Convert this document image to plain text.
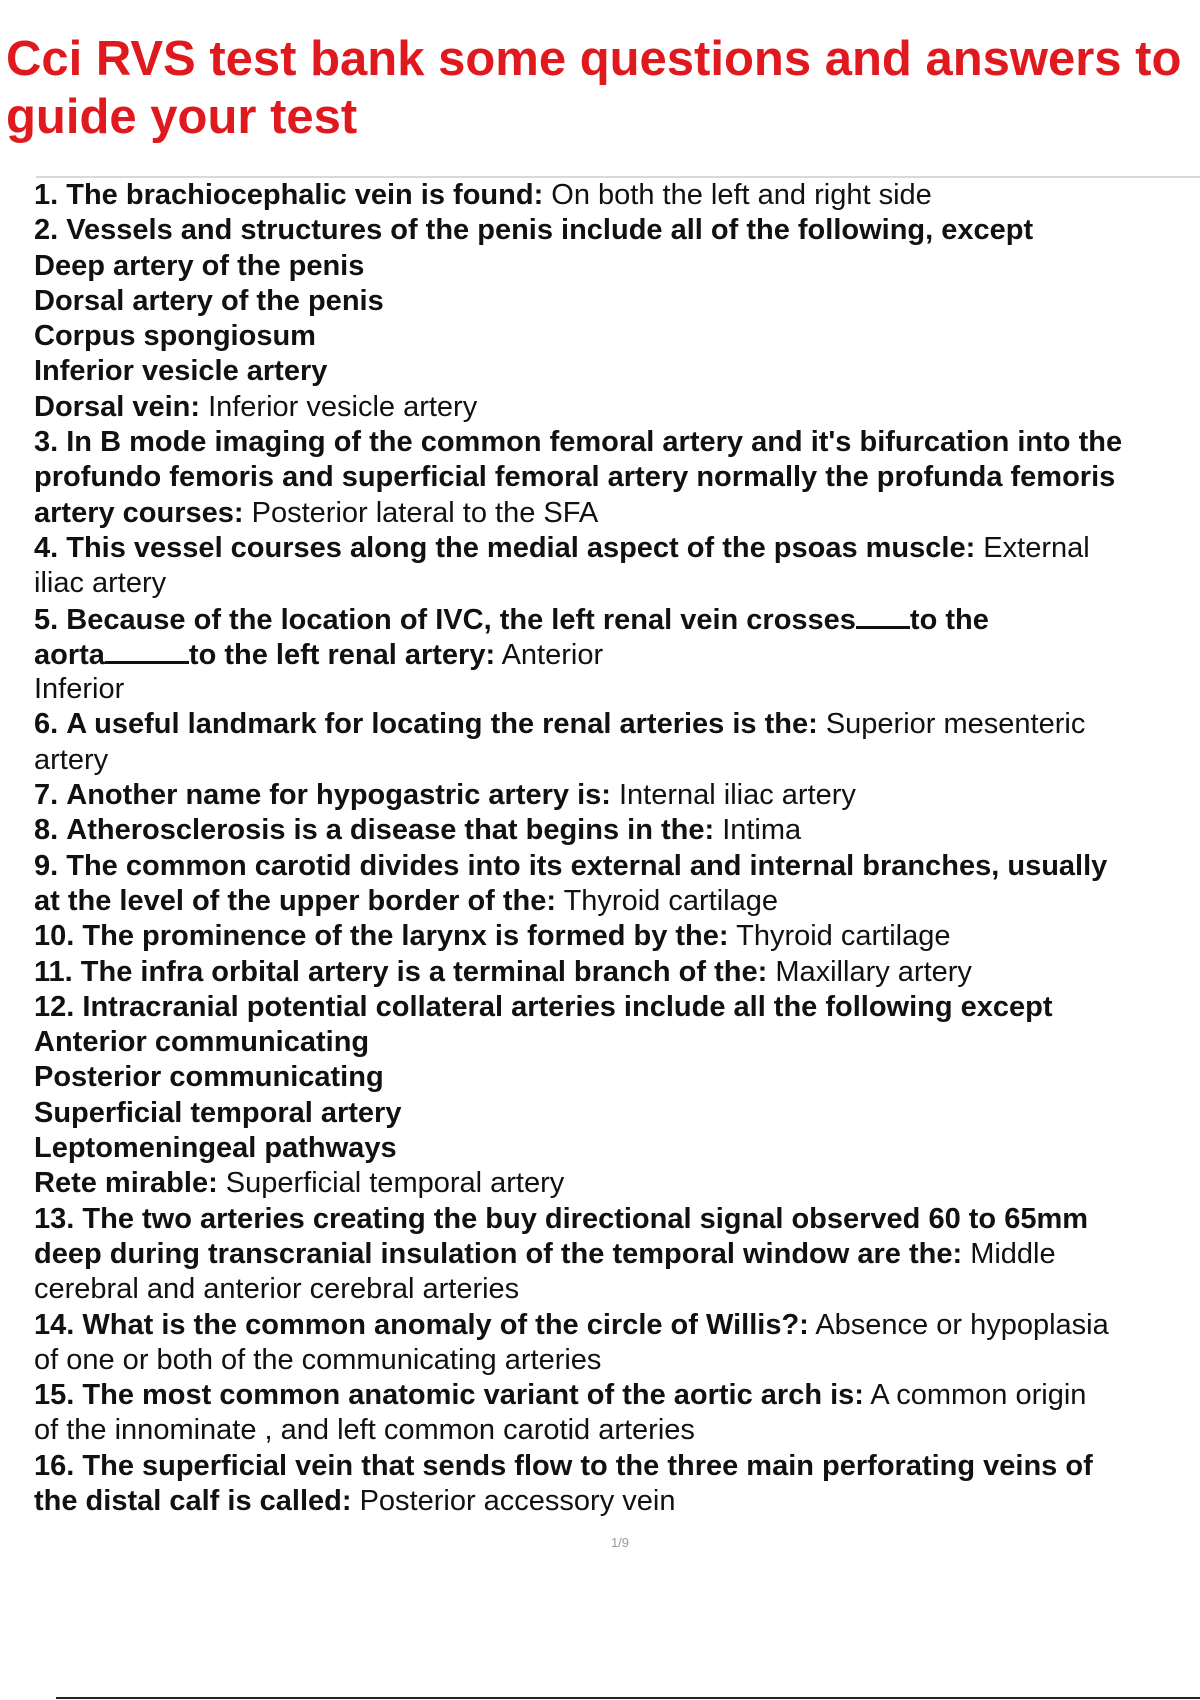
Cci RVS test bank some questions and answers to guide your test
1. The brachiocephalic vein is found: On both the left and right side
2. Vessels and structures of the penis include all of the following, except
Deep artery of the penis
Dorsal artery of the penis
Corpus spongiosum
Inferior vesicle artery
Dorsal vein: Inferior vesicle artery
3. In B mode imaging of the common femoral artery and it's bifurcation into the
profundo femoris and superficial femoral artery normally the profunda femoris
artery courses: Posterior lateral to the SFA
4. This vessel courses along the medial aspect of the psoas muscle: External
iliac artery
5. Because of the location of IVC, the left renal vein crosses to the
aorta	to the left renal artery: Anterior
Inferior
6. A useful landmark for locating the renal arteries is the: Superior mesenteric
artery
7. Another name for hypogastric artery is: Internal iliac artery
8. Atherosclerosis is a disease that begins in the: Intima
9. The common carotid divides into its external and internal branches, usually
at the level of the upper border of the: Thyroid cartilage
10. The prominence of the larynx is formed by the: Thyroid cartilage
11. The infra orbital artery is a terminal branch of the: Maxillary artery
12. Intracranial potential collateral arteries include all the following except
Anterior communicating
Posterior communicating
Superficial temporal artery
Leptomeningeal pathways
Rete mirable: Superficial temporal artery
13. The two arteries creating the buy directional signal observed 60 to 65mm
deep during transcranial insulation of the temporal window are the: Middle
cerebral and anterior cerebral arteries
14. What is the common anomaly of the circle of Willis?: Absence or hypoplasia
of one or both of the communicating arteries
15. The most common anatomic variant of the aortic arch is: A common origin
of the innominate , and left common carotid arteries
16. The superficial vein that sends flow to the three main perforating veins of
the distal calf is called: Posterior accessory vein
1/9
